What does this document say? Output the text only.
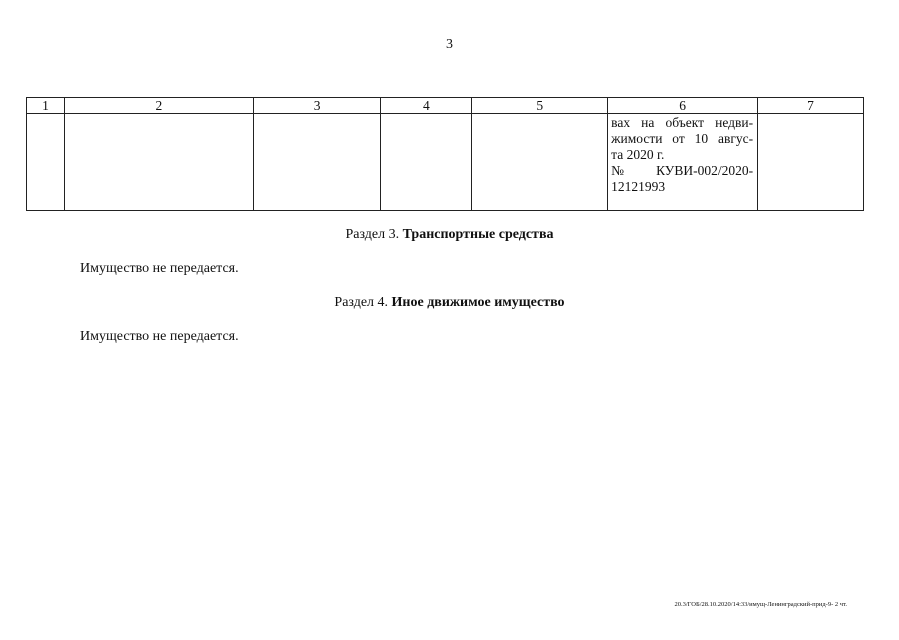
3
1	2	3	4	5	6	7

					вах на объект недви-
жимости от 10 авгус-
та 2020 г.
№ КУВИ-002/2020-
12121993	

Раздел 3. Транспортные средства
Имущество не передается.
Раздел 4. Иное движимое имущество
Имущество не передается.
20.3/ГОБ/28.10.2020/14:33/имущ-Ленинградский-прид-9- 2 чт.
